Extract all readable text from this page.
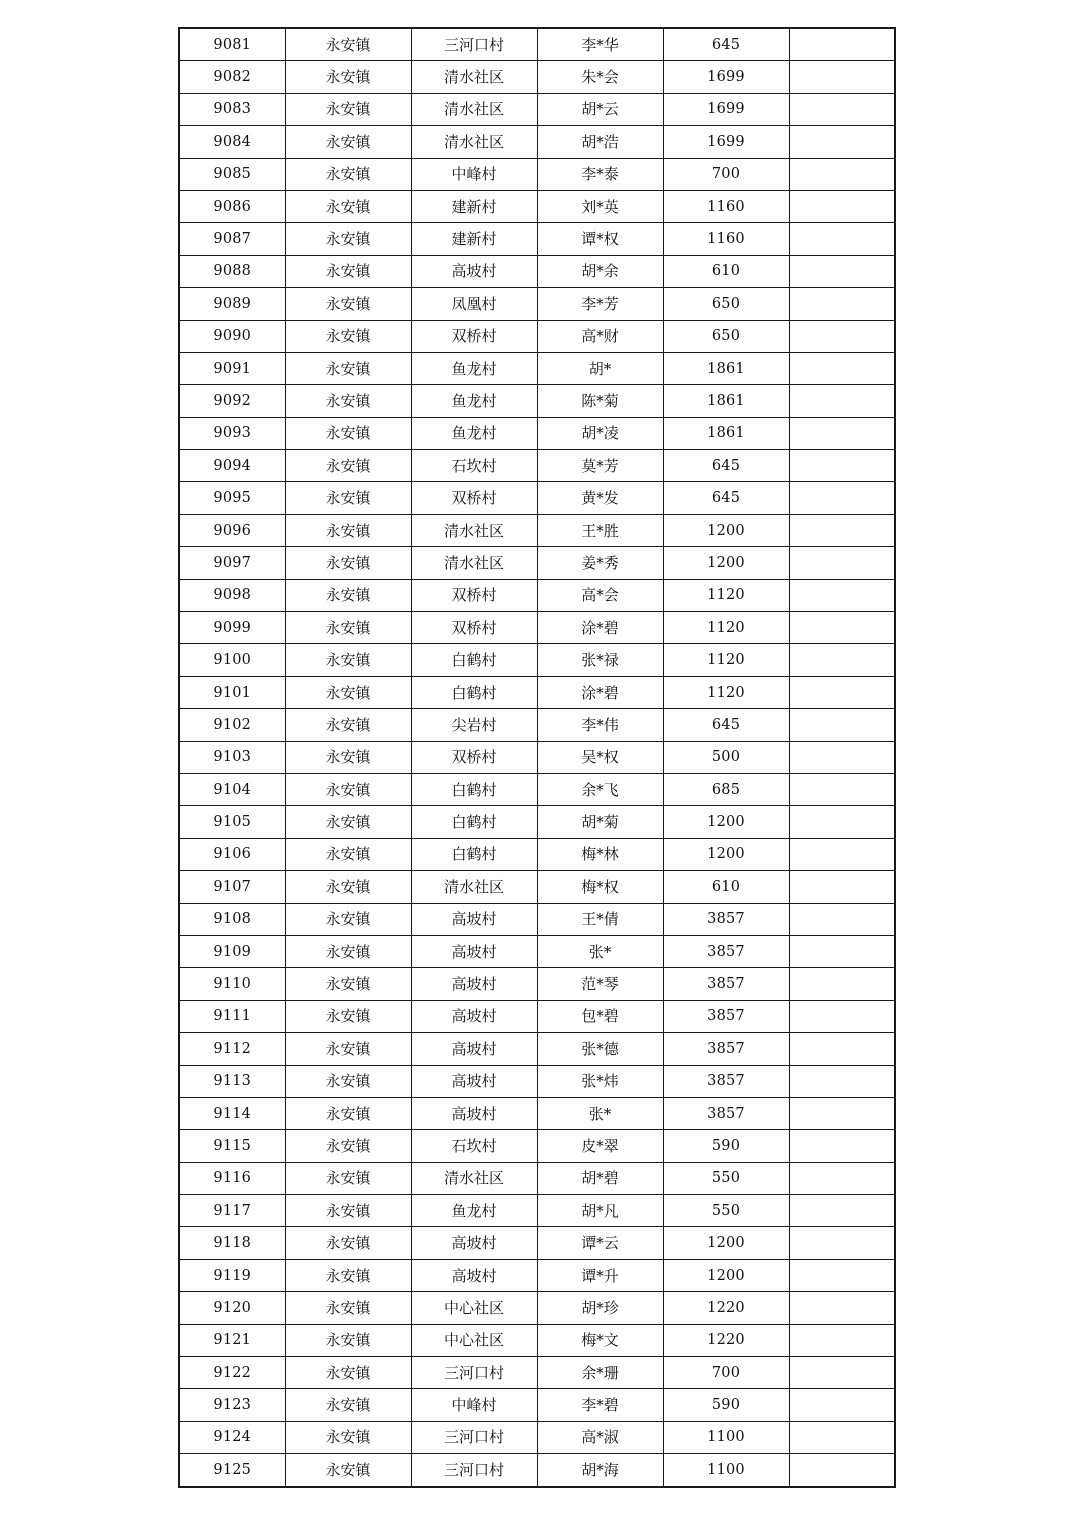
9081	永安镇	三河口村	李*华	645	
9082	永安镇	清水社区	朱*会	1699	
9083	永安镇	清水社区	胡*云	1699	
9084	永安镇	清水社区	胡*浩	1699	
9085	永安镇	中峰村	李*泰	700	
9086	永安镇	建新村	刘*英	1160	
9087	永安镇	建新村	谭*权	1160	
9088	永安镇	高坡村	胡*余	610	
9089	永安镇	凤凰村	李*芳	650	
9090	永安镇	双桥村	高*财	650	
9091	永安镇	鱼龙村	胡*	1861	
9092	永安镇	鱼龙村	陈*菊	1861	
9093	永安镇	鱼龙村	胡*凌	1861	
9094	永安镇	石坎村	莫*芳	645	
9095	永安镇	双桥村	黄*发	645	
9096	永安镇	清水社区	王*胜	1200	
9097	永安镇	清水社区	姜*秀	1200	
9098	永安镇	双桥村	高*会	1120	
9099	永安镇	双桥村	涂*碧	1120	
9100	永安镇	白鹤村	张*禄	1120	
9101	永安镇	白鹤村	涂*碧	1120	
9102	永安镇	尖岩村	李*伟	645	
9103	永安镇	双桥村	吴*权	500	
9104	永安镇	白鹤村	余*飞	685	
9105	永安镇	白鹤村	胡*菊	1200	
9106	永安镇	白鹤村	梅*林	1200	
9107	永安镇	清水社区	梅*权	610	
9108	永安镇	高坡村	王*倩	3857	
9109	永安镇	高坡村	张*	3857	
9110	永安镇	高坡村	范*琴	3857	
9111	永安镇	高坡村	包*碧	3857	
9112	永安镇	高坡村	张*德	3857	
9113	永安镇	高坡村	张*炜	3857	
9114	永安镇	高坡村	张*	3857	
9115	永安镇	石坎村	皮*翠	590	
9116	永安镇	清水社区	胡*碧	550	
9117	永安镇	鱼龙村	胡*凡	550	
9118	永安镇	高坡村	谭*云	1200	
9119	永安镇	高坡村	谭*升	1200	
9120	永安镇	中心社区	胡*珍	1220	
9121	永安镇	中心社区	梅*文	1220	
9122	永安镇	三河口村	余*珊	700	
9123	永安镇	中峰村	李*碧	590	
9124	永安镇	三河口村	高*淑	1100	
9125	永安镇	三河口村	胡*海	1100	
